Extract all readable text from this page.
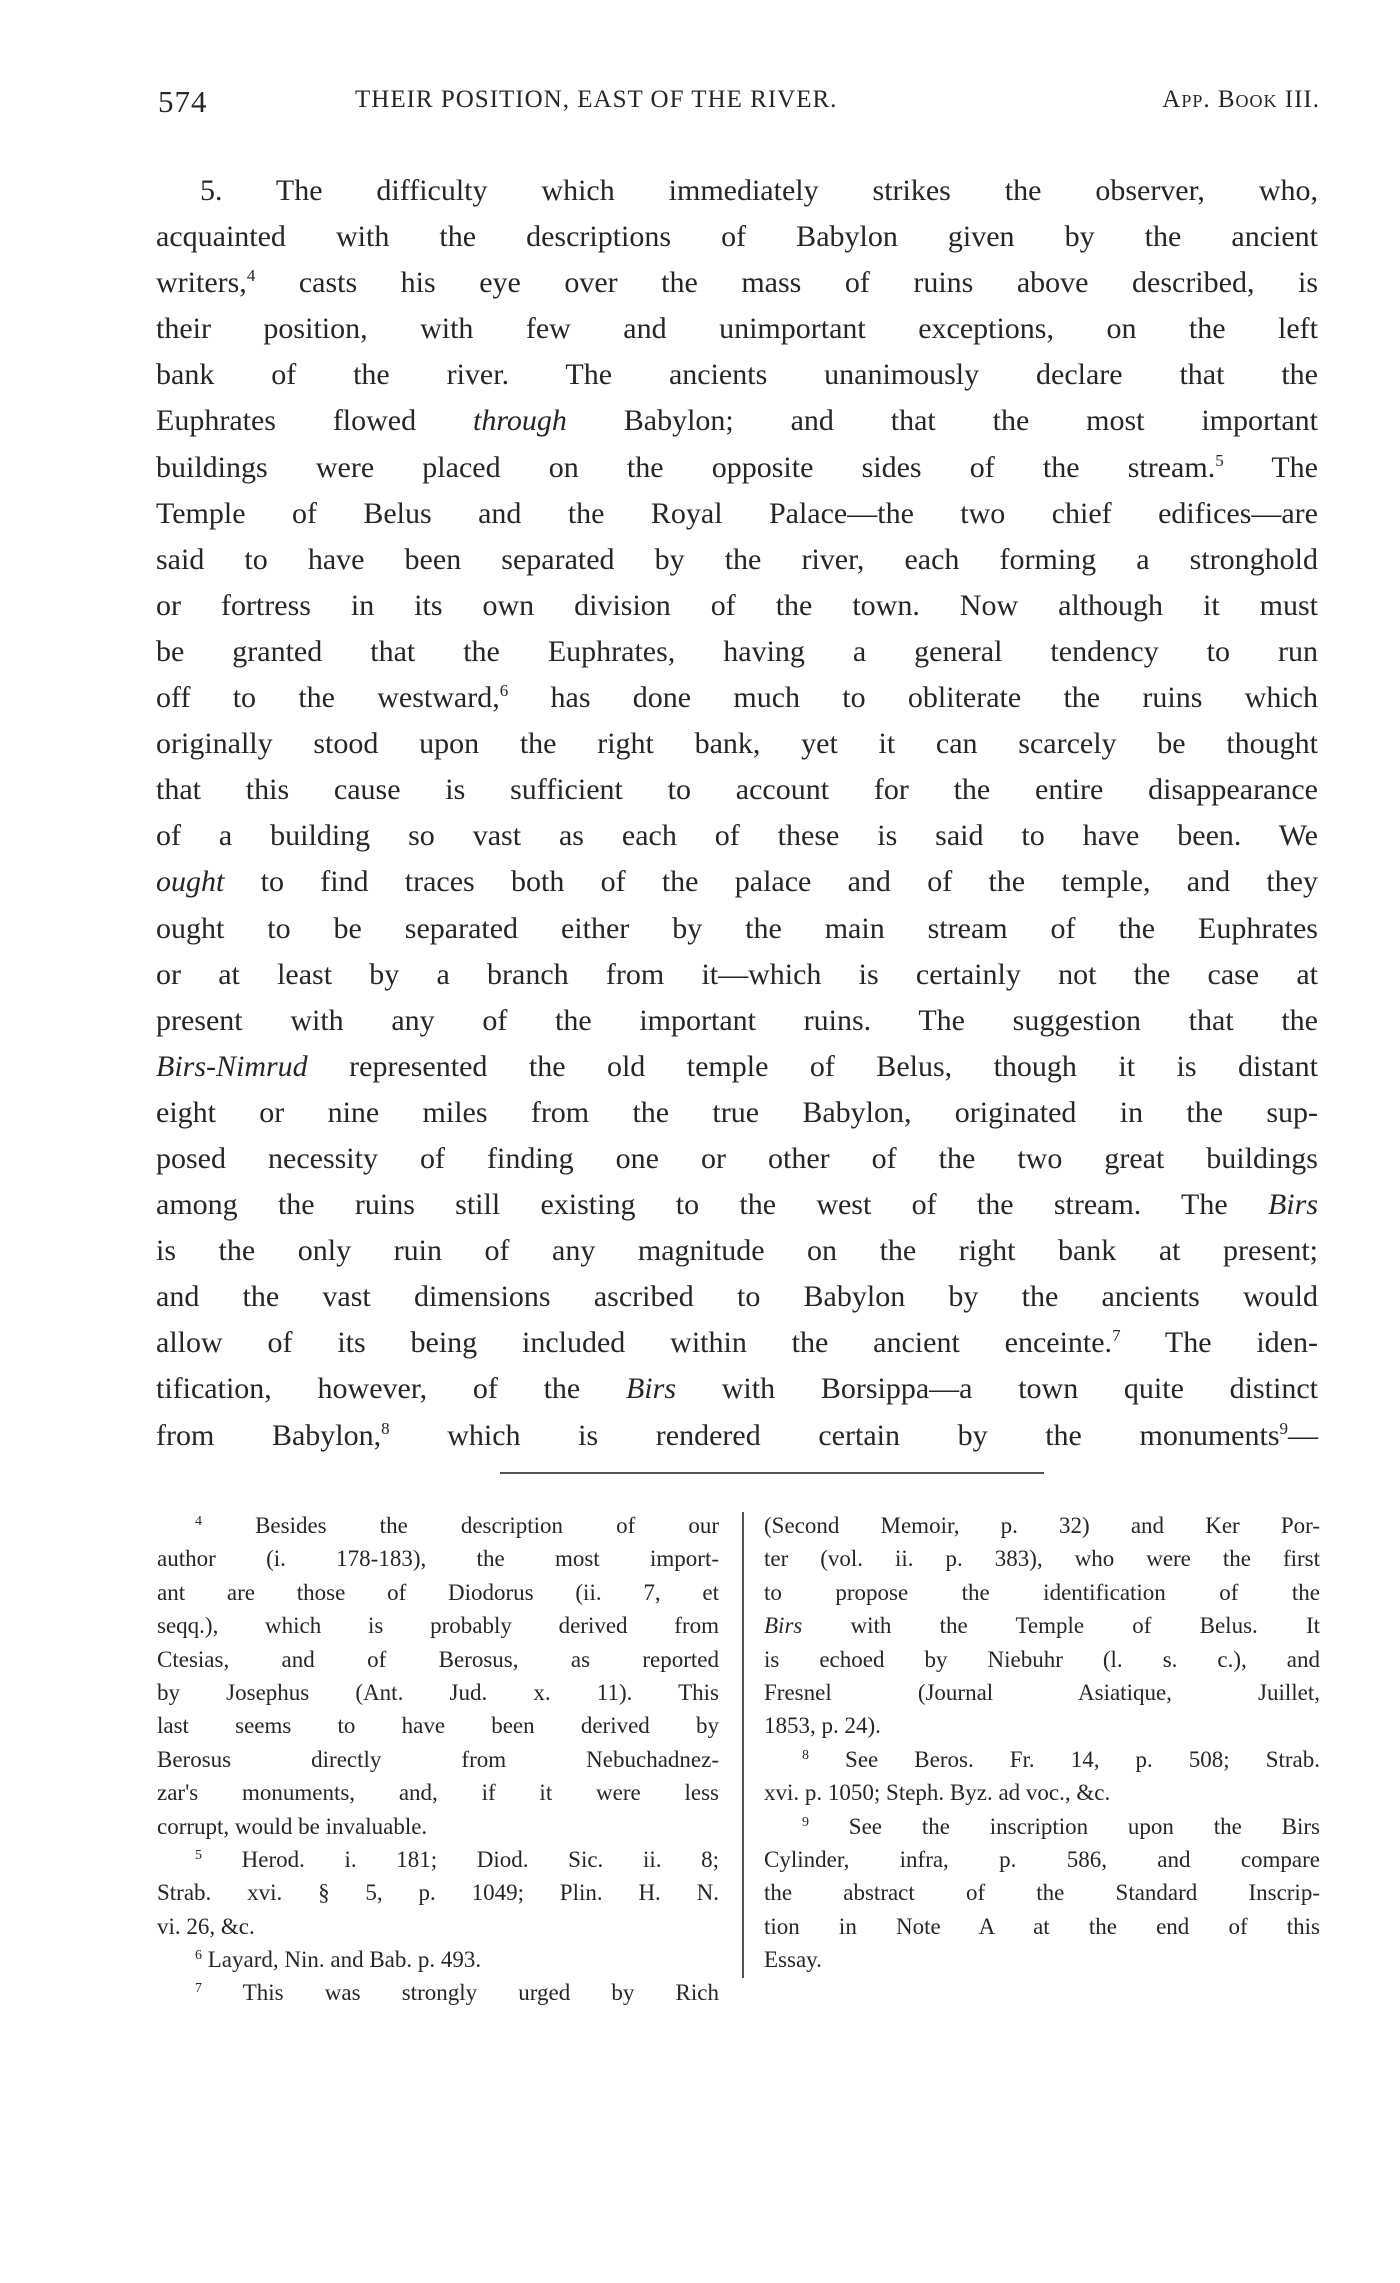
574	THEIR POSITION, EAST OF THE RIVER.	App. Book III.
5. The difficulty which immediately strikes the observer, who,
acquainted with the descriptions of Babylon given by the ancient
writers,$^4$ casts his eye over the mass of ruins above described, is
their position, with few and unimportant exceptions, on the left
bank of the river. The ancients unanimously declare that the
Euphrates flowed through Babylon; and that the most important
buildings were placed on the opposite sides of the stream.$^5$ The
Temple of Belus and the Royal Palace—the two chief edifices—are
said to have been separated by the river, each forming a stronghold
or fortress in its own division of the town. Now although it must
be granted that the Euphrates, having a general tendency to run
off to the westward,$^6$ has done much to obliterate the ruins which
originally stood upon the right bank, yet it can scarcely be thought
that this cause is sufficient to account for the entire disappearance
of a building so vast as each of these is said to have been. We
ought to find traces both of the palace and of the temple, and they
ought to be separated either by the main stream of the Euphrates
or at least by a branch from it—which is certainly not the case at
present with any of the important ruins. The suggestion that the
Birs-Nimrud represented the old temple of Belus, though it is distant
eight or nine miles from the true Babylon, originated in the sup-
posed necessity of finding one or other of the two great buildings
among the ruins still existing to the west of the stream. The Birs
is the only ruin of any magnitude on the right bank at present;
and the vast dimensions ascribed to Babylon by the ancients would
allow of its being included within the ancient enceinte.$^7$ The iden-
tification, however, of the Birs with Borsippa—a town quite distinct
from Babylon,$^8$ which is rendered certain by the monuments$^9$—
$^4$ Besides the description of our
author (i. 178-183), the most import-
ant are those of Diodorus (ii. 7, et
seqq.), which is probably derived from
Ctesias, and of Berosus, as reported
by Josephus (Ant. Jud. x. 11). This
last seems to have been derived by
Berosus directly from Nebuchadnez-
zar's monuments, and, if it were less
corrupt, would be invaluable.
$^5$ Herod. i. 181; Diod. Sic. ii. 8;
Strab. xvi. § 5, p. 1049; Plin. H. N.
vi. 26, &c.
$^6$ Layard, Nin. and Bab. p. 493.
$^7$ This was strongly urged by Rich
(Second Memoir, p. 32) and Ker Por-
ter (vol. ii. p. 383), who were the first
to propose the identification of the
Birs with the Temple of Belus. It
is echoed by Niebuhr (l. s. c.), and
Fresnel (Journal Asiatique, Juillet,
1853, p. 24).
$^8$ See Beros. Fr. 14, p. 508; Strab.
xvi. p. 1050; Steph. Byz. ad voc., &c.
$^9$ See the inscription upon the Birs
Cylinder, infra, p. 586, and compare
the abstract of the Standard Inscrip-
tion in Note A at the end of this
Essay.
